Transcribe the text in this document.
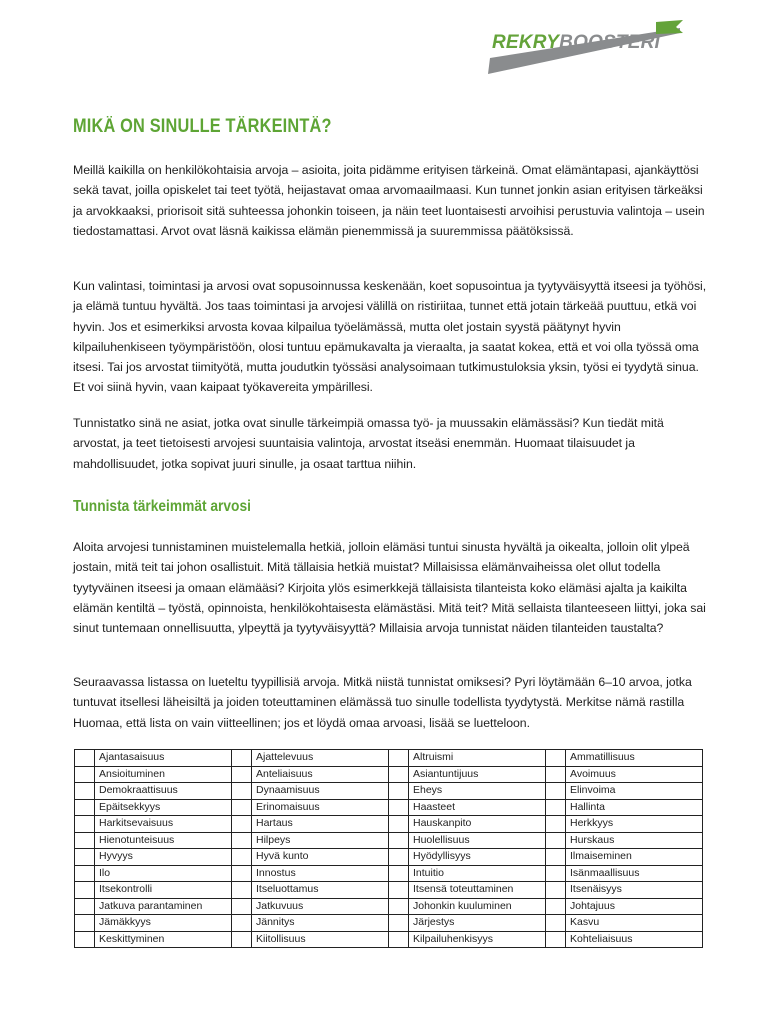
REKRYBOOSTERI
MIKÄ ON SINULLE TÄRKEINTÄ?

Meillä kaikilla on henkilökohtaisia arvoja – asioita, joita pidämme erityisen tärkeinä. Omat elämäntapasi, ajankäyttösi sekä tavat, joilla opiskelet tai teet työtä, heijastavat omaa arvomaailmaasi. Kun tunnet jonkin asian erityisen tärkeäksi ja arvokkaaksi, priorisoit sitä suhteessa johonkin toiseen, ja näin teet luontaisesti arvoihisi perustuvia valintoja – usein tiedostamattasi. Arvot ovat läsnä kaikissa elämän pienemmissä ja suuremmissa päätöksissä.

Kun valintasi, toimintasi ja arvosi ovat sopusoinnussa keskenään, koet sopusointua ja tyytyväisyyttä itseesi ja työhösi, ja elämä tuntuu hyvältä. Jos taas toimintasi ja arvojesi välillä on ristiriitaa, tunnet että jotain tärkeää puuttuu, etkä voi hyvin. Jos et esimerkiksi arvosta kovaa kilpailua työelämässä, mutta olet jostain syystä päätynyt hyvin kilpailuhenkiseen työympäristöön, olosi tuntuu epämukavalta ja vieraalta, ja saatat kokea, että et voi olla työssä oma itsesi. Tai jos arvostat tiimityötä, mutta joudutkin työssäsi analysoimaan tutkimustuloksia yksin, työsi ei tyydytä sinua. Et voi siinä hyvin, vaan kaipaat työkavereita ympärillesi.

Tunnistatko sinä ne asiat, jotka ovat sinulle tärkeimpiä omassa työ- ja muussakin elämässäsi? Kun tiedät mitä arvostat, ja teet tietoisesti arvojesi suuntaisia valintoja, arvostat itseäsi enemmän. Huomaat tilaisuudet ja mahdollisuudet, jotka sopivat juuri sinulle, ja osaat tarttua niihin.

Tunnista tärkeimmät arvosi

Aloita arvojesi tunnistaminen muistelemalla hetkiä, jolloin elämäsi tuntui sinusta hyvältä ja oikealta, jolloin olit ylpeä jostain, mitä teit tai johon osallistuit. Mitä tällaisia hetkiä muistat? Millaisissa elämänvaiheissa olet ollut todella tyytyväinen itseesi ja omaan elämääsi? Kirjoita ylös esimerkkejä tällaisista tilanteista koko elämäsi ajalta ja kaikilta elämän kentiltä – työstä, opinnoista, henkilökohtaisesta elämästäsi. Mitä teit? Mitä sellaista tilanteeseen liittyi, joka sai sinut tuntemaan onnellisuutta, ylpeyttä ja tyytyväisyyttä? Millaisia arvoja tunnistat näiden tilanteiden taustalta?

Seuraavassa listassa on lueteltu tyypillisiä arvoja. Mitkä niistä tunnistat omiksesi? Pyri löytämään 6–10 arvoa, jotka tuntuvat itsellesi läheisiltä ja joiden toteuttaminen elämässä tuo sinulle todellista tyydytystä. Merkitse nämä rastilla Huomaa, että lista on vain viitteellinen; jos et löydä omaa arvoasi, lisää se luetteloon.

	Ajantasaisuus		Ajattelevuus		Altruismi		Ammatillisuus
	Ansioituminen		Anteliaisuus		Asiantuntijuus		Avoimuus
	Demokraattisuus		Dynaamisuus		Eheys		Elinvoima
	Epäitsekkyys		Erinomaisuus		Haasteet		Hallinta
	Harkitsevaisuus		Hartaus		Hauskanpito		Herkkyys
	Hienotunteisuus		Hilpeys		Huolellisuus		Hurskaus
	Hyvyys		Hyvä kunto		Hyödyllisyys		Ilmaiseminen
	Ilo		Innostus		Intuitio		Isänmaallisuus
	Itsekontrolli		Itseluottamus		Itsensä toteuttaminen		Itsenäisyys
	Jatkuva parantaminen		Jatkuvuus		Johonkin kuuluminen		Johtajuus
	Jämäkkyys		Jännitys		Järjestys		Kasvu
	Keskittyminen		Kiitollisuus		Kilpailuhenkisyys		Kohteliaisuus
